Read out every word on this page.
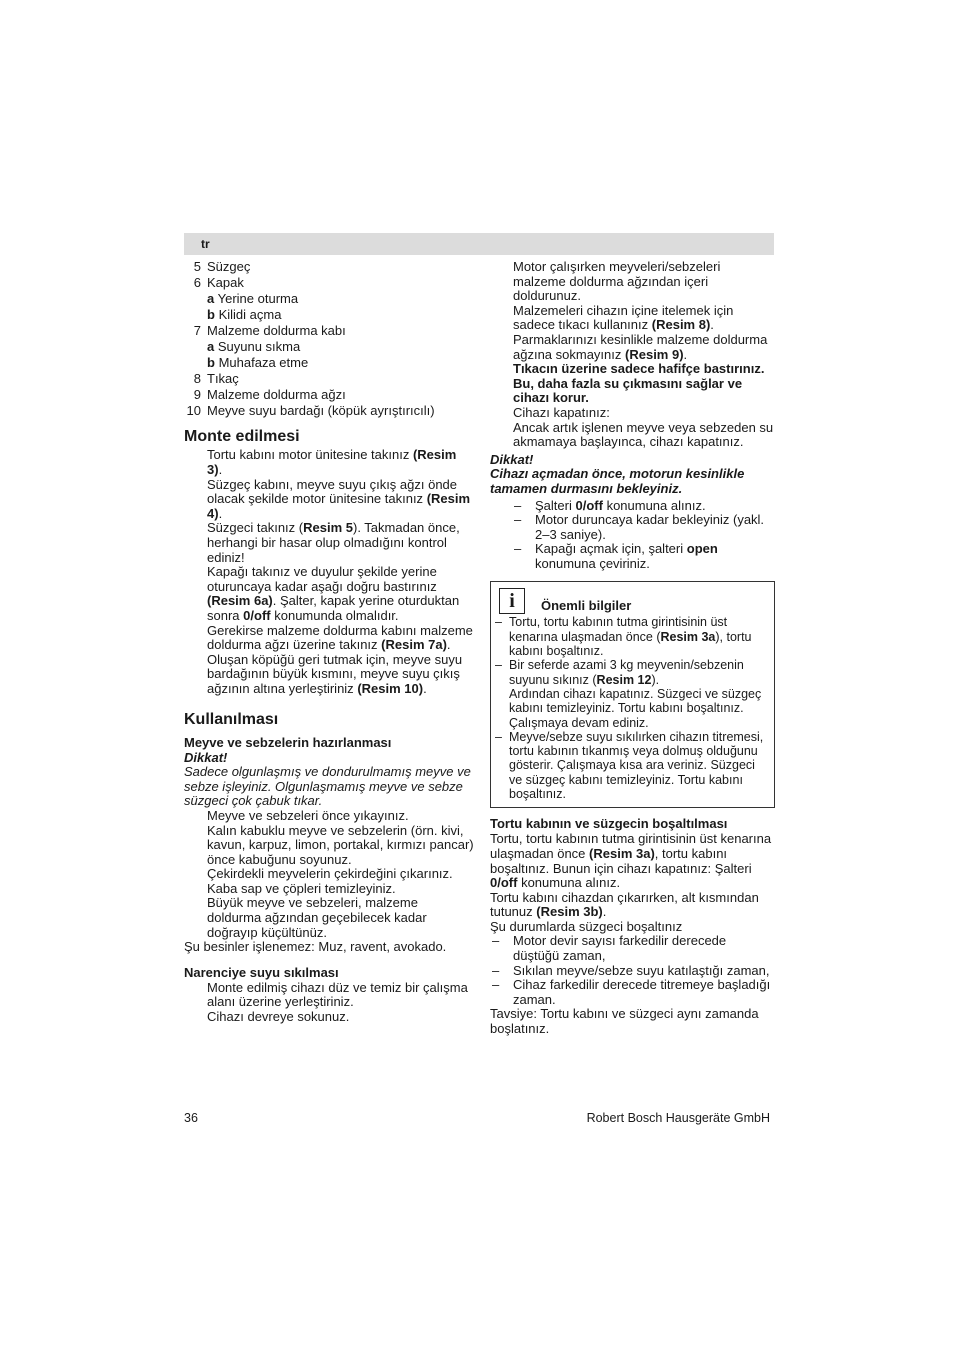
tr
5 Süzgeç
6 Kapak
a Yerine oturma
b Kilidi açma
7 Malzeme doldurma kabı
a Suyunu sıkma
b Muhafaza etme
8 Tıkaç
9 Malzeme doldurma ağzı
10 Meyve suyu bardağı (köpük ayrıştırıcılı)
Monte edilmesi

Tortu kabını motor ünitesine takınız (Resim 3).

Süzgeç kabını, meyve suyu çıkış ağzı önde olacak şekilde motor ünitesine takınız (Resim 4).

Süzgeci takınız (Resim 5). Takmadan önce, herhangi bir hasar olup olmadığını kontrol ediniz!

Kapağı takınız ve duyulur şekilde yerine oturuncaya kadar aşağı doğru bastırınız (Resim 6a). Şalter, kapak yerine oturduktan sonra 0/off konumunda olmalıdır.

Gerekirse malzeme doldurma kabını malzeme doldurma ağzı üzerine takınız (Resim 7a).

Oluşan köpüğü geri tutmak için, meyve suyu bardağının büyük kısmını, meyve suyu çıkış ağzının altına yerleştiriniz (Resim 10).

Kullanılması
Meyve ve sebzelerin hazırlanması

Dikkat!

Sadece olgunlaşmış ve dondurulmamış meyve ve sebze işleyiniz. Olgunlaşmamış meyve ve sebze süzgeci çok çabuk tıkar.

Meyve ve sebzeleri önce yıkayınız.

Kalın kabuklu meyve ve sebzelerin (örn. kivi, kavun, karpuz, limon, portakal, kırmızı pancar) önce kabuğunu soyunuz.

Çekirdekli meyvelerin çekirdeğini çıkarınız. Kaba sap ve çöpleri temizleyiniz.

Büyük meyve ve sebzeleri, malzeme doldurma ağzından geçebilecek kadar doğrayıp küçültünüz.

Şu besinler işlenemez: Muz, ravent, avokado.

Narenciye suyu sıkılması

Monte edilmiş cihazı düz ve temiz bir çalışma alanı üzerine yerleştiriniz.

Cihazı devreye sokunuz.

Motor çalışırken meyveleri/sebzeleri malzeme doldurma ağzından içeri doldurunuz.

Malzemeleri cihazın içine itelemek için sadece tıkacı kullanınız (Resim 8).

Parmaklarınızı kesinlikle malzeme doldurma ağzına sokmayınız (Resim 9).

Tıkacın üzerine sadece hafifçe bastırınız. Bu, daha fazla su çıkmasını sağlar ve cihazı korur.

Cihazı kapatınız:

Ancak artık işlenen meyve veya sebzeden su akmamaya başlayınca, cihazı kapatınız.

Dikkat!

Cihazı açmadan önce, motorun kesinlikle tamamen durmasını bekleyiniz.

– Şalteri 0/off konumuna alınız.

– Motor duruncaya kadar bekleyiniz (yakl. 2–3 saniye).

– Kapağı açmak için, şalteri open konumuna çeviriniz.

i	Önemli bilgiler

– Tortu, tortu kabının tutma girintisinin üst kenarına ulaşmadan önce (Resim 3a), tortu kabını boşaltınız.

– Bir seferde azami 3 kg meyvenin/sebzenin suyunu sıkınız (Resim 12).
Ardından cihazı kapatınız. Süzgeci ve süzgeç kabını temizleyiniz. Tortu kabını boşaltınız. Çalışmaya devam ediniz.

– Meyve/sebze suyu sıkılırken cihazın titremesi, tortu kabının tıkanmış veya dolmuş olduğunu gösterir. Çalışmaya kısa ara veriniz. Süzgeci ve süzgeç kabını temizleyiniz. Tortu kabını boşaltınız.

Tortu kabının ve süzgecin boşaltılması

Tortu, tortu kabının tutma girintisinin üst kenarına ulaşmadan önce (Resim 3a), tortu kabını boşaltınız. Bunun için cihazı kapatınız: Şalteri 0/off konumuna alınız.

Tortu kabını cihazdan çıkarırken, alt kısmından tutunuz (Resim 3b).

Şu durumlarda süzgeci boşaltınız

– Motor devir sayısı farkedilir derecede düştüğü zaman,

– Sıkılan meyve/sebze suyu katılaştığı zaman,

– Cihaz farkedilir derecede titremeye başladığı zaman.

Tavsiye: Tortu kabını ve süzgeci aynı zamanda boşlatınız.

36	Robert Bosch Hausgeräte GmbH
